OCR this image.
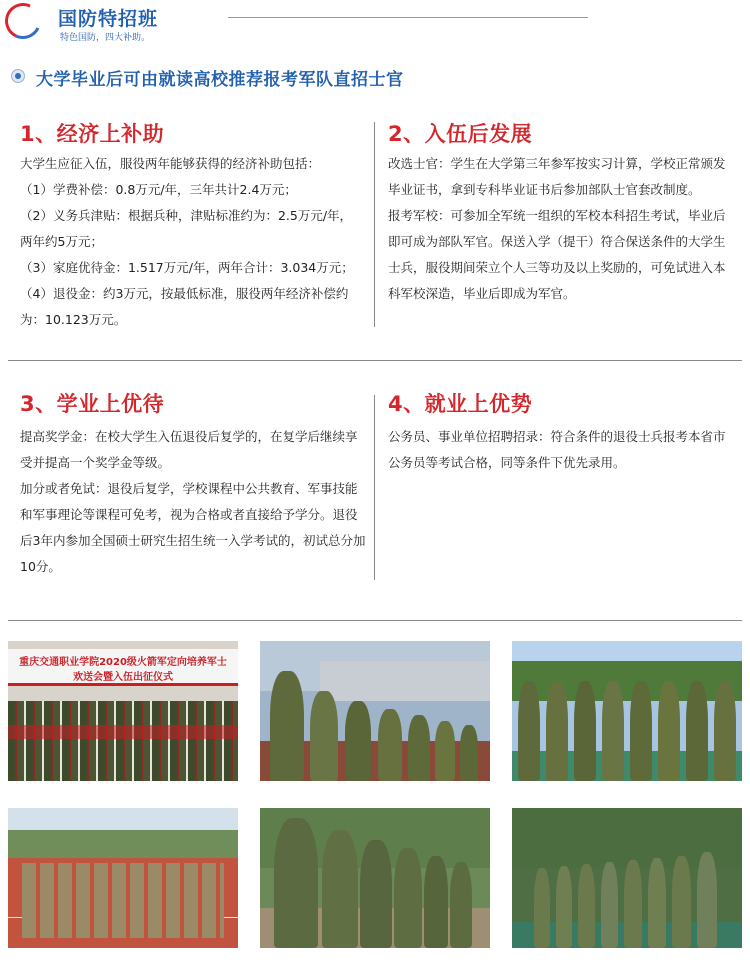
国防特招班
特色国防，四大补助。
大学毕业后可由就读高校推荐报考军队直招士官
1、经济上补助

大学生应征入伍，服役两年能够获得的经济补助包括：

（1）学费补偿：0.8万元/年，三年共计2.4万元；

（2）义务兵津贴：根据兵种，津贴标准约为：2.5万元/年，两年约5万元；

（3）家庭优待金：1.517万元/年，两年合计：3.034万元；

（4）退役金：约3万元，按最低标准，服役两年经济补偿约为：10.123万元。

2、入伍后发展

改选士官：学生在大学第三年参军按实习计算，学校正常颁发毕业证书，拿到专科毕业证书后参加部队士官套改制度。

报考军校：可参加全军统一组织的军校本科招生考试，毕业后即可成为部队军官。保送入学（提干）符合保送条件的大学生士兵，服役期间荣立个人三等功及以上奖励的，可免试进入本科军校深造，毕业后即成为军官。

3、学业上优待

提高奖学金：在校大学生入伍退役后复学的，在复学后继续享受并提高一个奖学金等级。

加分或者免试：退役后复学，学校课程中公共教育、军事技能和军事理论等课程可免考，视为合格或者直接给予学分。退役后3年内参加全国硕士研究生招生统一入学考试的，初试总分加10分。

4、就业上优势

公务员、事业单位招聘招录：符合条件的退役士兵报考本省市公务员等考试合格，同等条件下优先录用。

重庆交通职业学院2020级火箭军定向培养军士
欢送会暨入伍出征仪式
